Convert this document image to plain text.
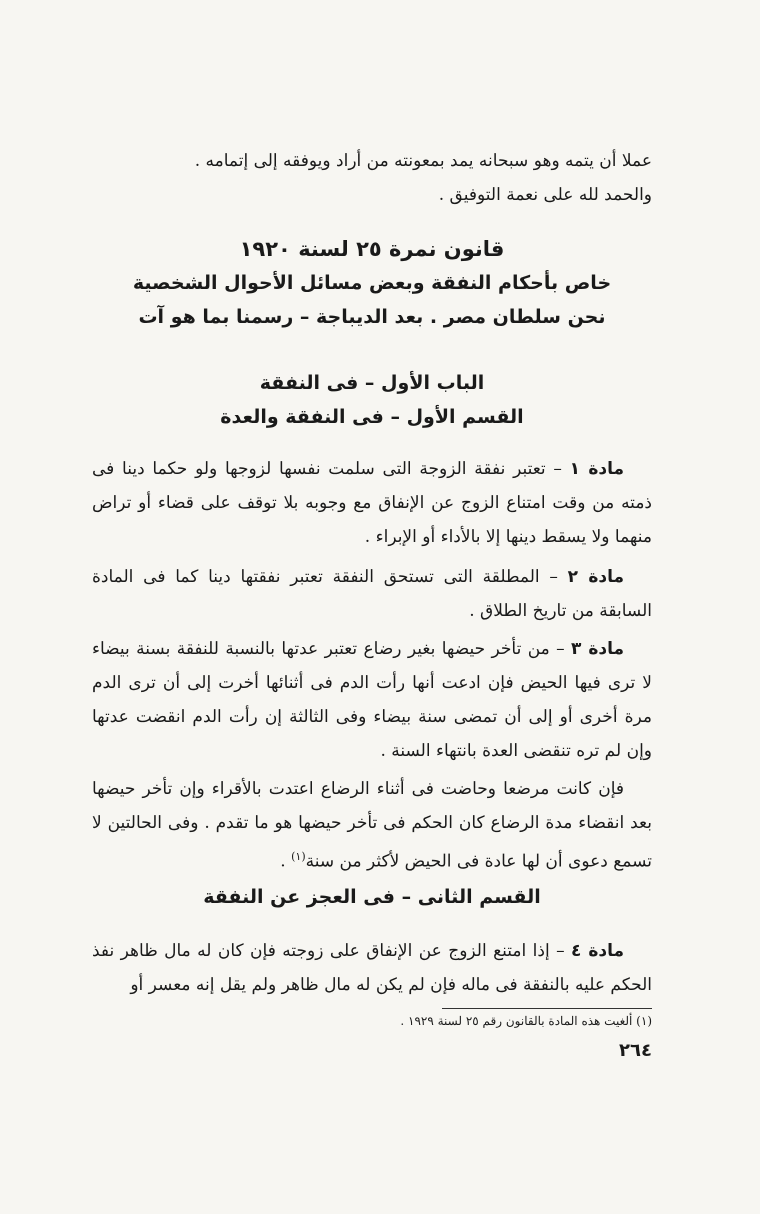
عملا أن يتمه وهو سبحانه يمد بمعونته من أراد ويوفقه إلى إتمامه .

والحمد لله على نعمة التوفيق .

قانون نمرة ٢٥ لسنة ١٩٢٠

خاص بأحكام النفقة وبعض مسائل الأحوال الشخصية

نحن سلطان مصر . بعد الديباجة – رسمنا بما هو آت

الباب الأول – فى النفقة

القسم الأول – فى النفقة والعدة

مادة ١ – تعتبر نفقة الزوجة التى سلمت نفسها لزوجها ولو حكما دينا فى ذمته من وقت امتناع الزوج عن الإنفاق مع وجوبه بلا توقف على قضاء أو تراض منهما ولا يسقط دينها إلا بالأداء أو الإبراء .

مادة ٢ – المطلقة التى تستحق النفقة تعتبر نفقتها دينا كما فى المادة السابقة من تاريخ الطلاق .

مادة ٣ – من تأخر حيضها بغير رضاع تعتبر عدتها بالنسبة للنفقة بسنة بيضاء لا ترى فيها الحيض فإن ادعت أنها رأت الدم فى أثنائها أخرت إلى أن ترى الدم مرة أخرى أو إلى أن تمضى سنة بيضاء وفى الثالثة إن رأت الدم انقضت عدتها وإن لم تره تنقضى العدة بانتهاء السنة .

فإن كانت مرضعا وحاضت فى أثناء الرضاع اعتدت بالأقراء وإن تأخر حيضها بعد انقضاء مدة الرضاع كان الحكم فى تأخر حيضها هو ما تقدم . وفى الحالتين لا تسمع دعوى أن لها عادة فى الحيض لأكثر من سنة$^{(١)}$ .

القسم الثانى – فى العجز عن النفقة

مادة ٤ – إذا امتنع الزوج عن الإنفاق على زوجته فإن كان له مال ظاهر نفذ الحكم عليه بالنفقة فى ماله فإن لم يكن له مال ظاهر ولم يقل إنه معسر أو

(١) ألغيت هذه المادة بالقانون رقم ٢٥ لسنة ١٩٢٩ .

٢٦٤
